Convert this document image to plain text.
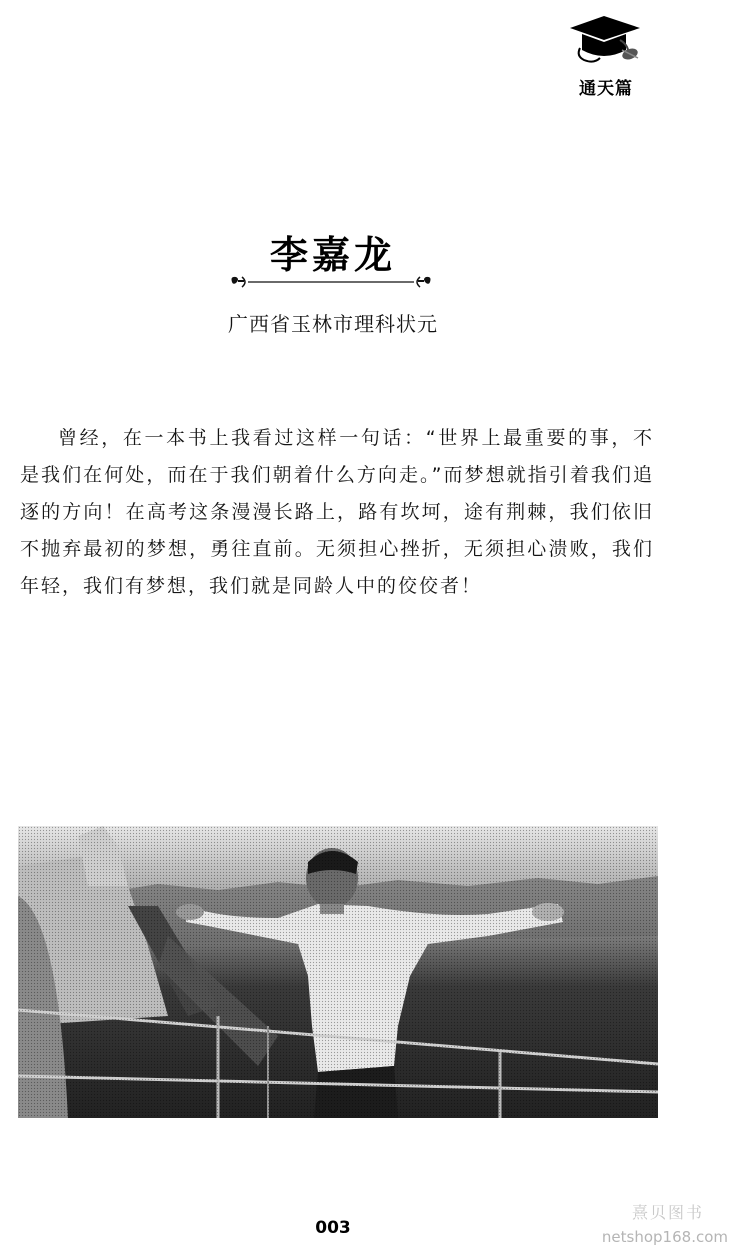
通天篇
李嘉龙
广西省玉林市理科状元

曾经，在一本书上我看过这样一句话：“世界上最重要的事，不是我们在何处，而在于我们朝着什么方向走。”而梦想就指引着我们追逐的方向！在高考这条漫漫长路上，路有坎坷，途有荆棘，我们依旧不抛弃最初的梦想，勇往直前。无须担心挫折，无须担心溃败，我们年轻，我们有梦想，我们就是同龄人中的佼佼者！

003
熹贝图书
netshop168.com
